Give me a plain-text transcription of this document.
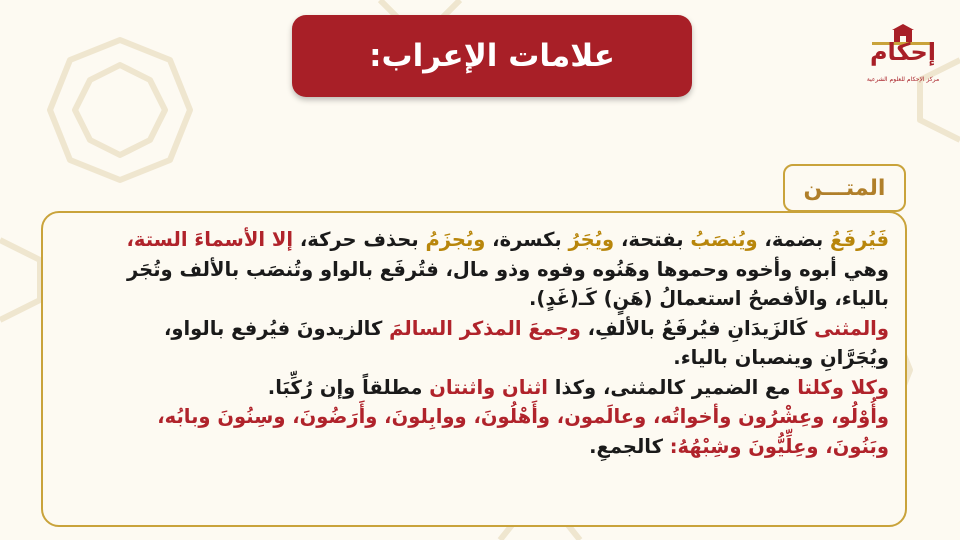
علامات الإعراب:	إحكام
مركز الإحكام للعلوم الشرعية
المتـــن
فَيُرفَعُ بضمة، ويُنصَبُ بفتحة، ويُجَرُ بكسرة، ويُجزَمُ بحذف حركة، إلا الأسماءَ الستة،
وهي أبوه وأخوه وحموها وهَنُوه وفوه وذو مال، فتُرفَع بالواو وتُنصَب بالألف وتُجَر
بالياء، والأفصحُ استعمالُ (هَنٍ) كَـ(غَدٍ).
والمثنى كَالزَيدَانِ فيُرفَعُ بالألفِ، وجمعَ المذكر السالمَ كالزيدونَ فيُرفع بالواو،
ويُجَرَّانِ وينصبان بالياء.
وكلا وكلتا مع الضمير كالمثنى، وكذا اثنان واثنتان مطلقاً وإن رُكِّبَا.
وأُوْلُو، وعِشْرُون وأخواتُه، وعالَمون، وأَهْلُونَ، ووابِلونَ، وأَرَضُونَ، وسِنُونَ وبابُه،
وبَنُونَ، وعِلِّيُّونَ وشِبْهُهُ: كالجمعِ.
